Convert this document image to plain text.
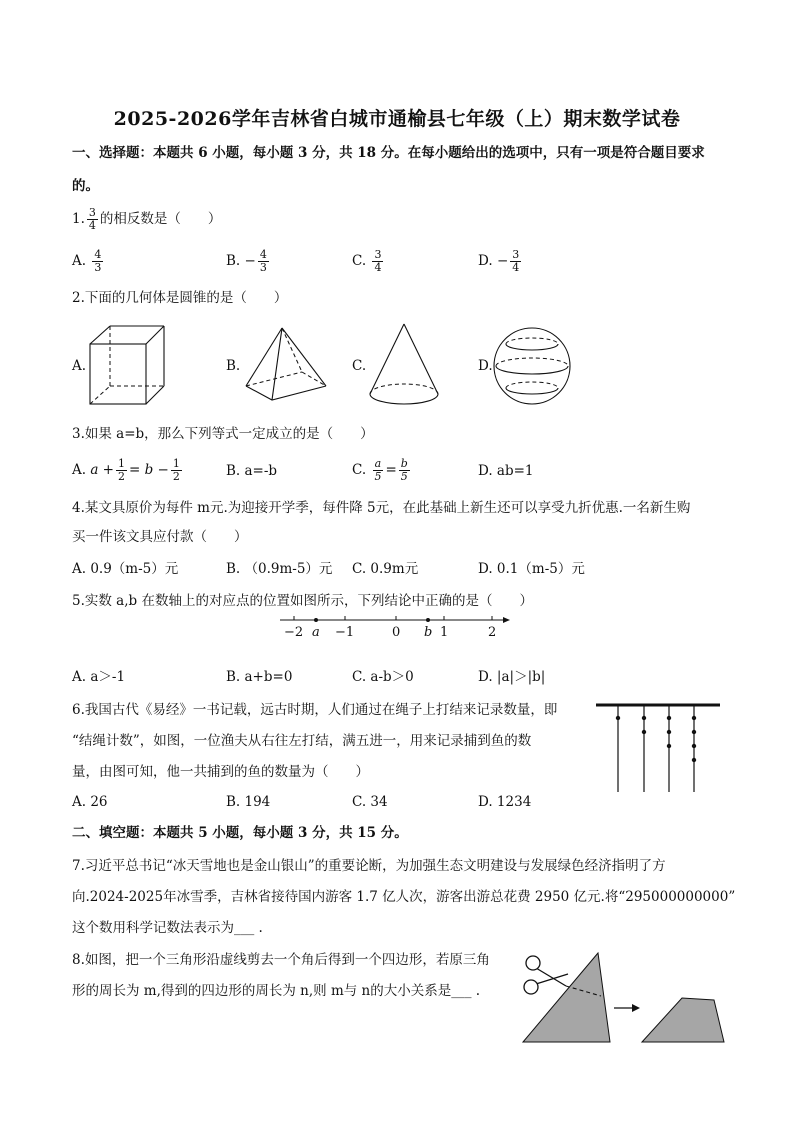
2025-2026学年吉林省白城市通榆县七年级（上）期末数学试卷
一、选择题：本题共 6 小题，每小题 3 分，共 18 分。在每小题给出的选项中，只有一项是符合题目要求
的。
1. $\frac{3}{4}$ 的相反数是（　　）
A. $\frac{4}{3}$	B. − $\frac{4}{3}$	C. $\frac{3}{4}$	D. − $\frac{3}{4}$
2.下面的几何体是圆锥的是（　　）
A.	B.	C.	D.
3.如果 a=b，那么下列等式一定成立的是（　　）
A. $a + \frac{1}{2} = b - \frac{1}{2}$	B. a=-b	C. $\frac{a}{5} = \frac{b}{5}$	D. ab=1
4.某文具原价为每件 m元.为迎接开学季，每件降 5元，在此基础上新生还可以享受九折优惠.一名新生购
买一件该文具应付款（　　）
A. 0.9（m-5）元	B. （0.9m-5）元 C. 0.9m元	D. 0.1（m-5）元
5.实数 a,b 在数轴上的对应点的位置如图所示，下列结论中正确的是（　　）
−2 a −1	0 b 1	2
A. a＞-1	B. a+b=0	C. a-b＞0	D. |a|＞|b|
6.我国古代《易经》一书记载，远古时期，人们通过在绳子上打结来记录数量，即
“结绳计数”，如图，一位渔夫从右往左打结，满五进一，用来记录捕到鱼的数
量，由图可知，他一共捕到的鱼的数量为（　　）
A. 26	B. 194	C. 34	D. 1234
二、填空题：本题共 5 小题，每小题 3 分，共 15 分。
7.习近平总书记“冰天雪地也是金山银山”的重要论断，为加强生态文明建设与发展绿色经济指明了方
向.2024-2025年冰雪季，吉林省接待国内游客 1.7 亿人次，游客出游总花费 2950 亿元.将“295000000000”
这个数用科学记数法表示为___ .
8.如图，把一个三角形沿虚线剪去一个角后得到一个四边形，若原三角
形的周长为 m,得到的四边形的周长为 n,则 m与 n的大小关系是___ .
